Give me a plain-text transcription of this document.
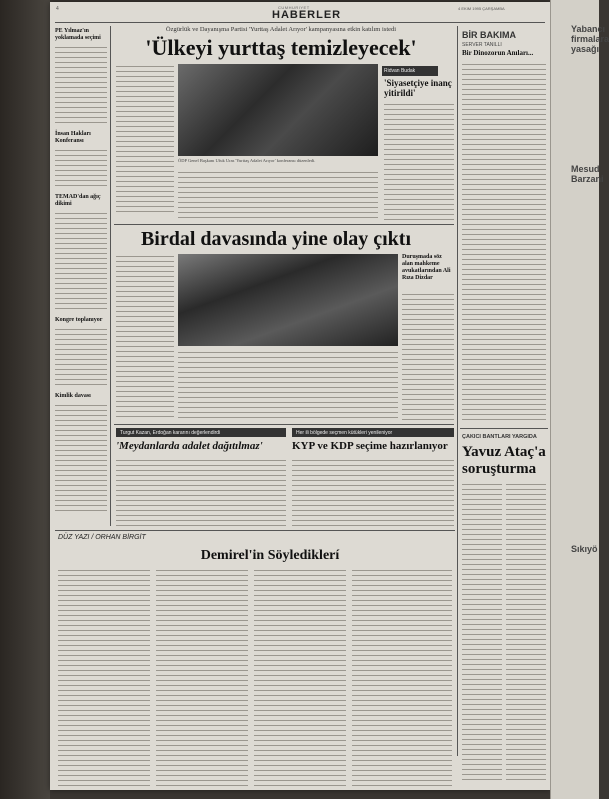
4	CUMHURIYET
HABERLER
4 EKIM 1995 ÇARŞAMBA
PE Yılmaz'ın yoklamada seçimi
İnsan Hakları Konferansı
TEMAD'dan ağıç dikimi
Kongre toplanıyor
Kimlik davası
Özgürlük ve Dayanışma Partisi 'Yurttaş Adalet Arıyor' kampanyasına etkin katılım istedi
'Ülkeyi yurttaş temizleyecek'
ÖDP Genel Başkanı Ufuk Uras 'Yurttaş Adalet Arıyor' konferansı düzenledi.
Ridvan Budak
'Siyasetçiye inanç yitirildi'
Birdal davasında yine olay çıktı
Duruşmada söz alan mahkeme avukatlarından Ali Rıza Dizdar
Turgut Kazan, Erdoğan kararını değerlendirdi
'Meydanlarda adalet dağıtılmaz'
Her ili bölgede seçmen kütükleri yenileniyor
KYP ve KDP seçime hazırlanıyor
DÜZ YAZI / ORHAN BİRGİT
Demirel'in Söylediklerí
BİR BAKIMA
SERVER TANILLI
Bir Dinozorun Anıları...
ÇAKICI BANTLARI YARGIDA
Yavuz Ataç'a soruşturma
Yabancı firmalara yasağı
Mesud Barzani
Sıkıyö
